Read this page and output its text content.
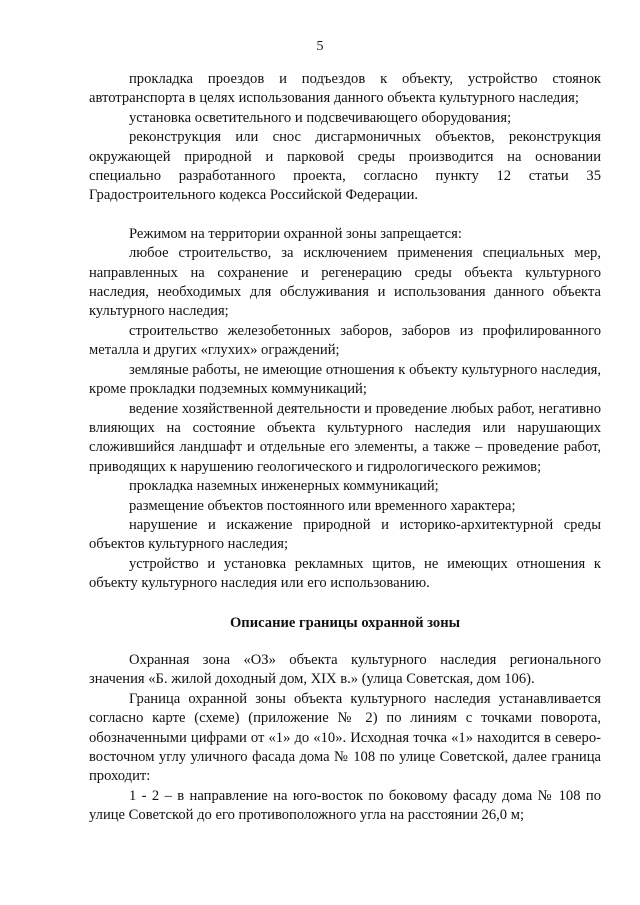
5

прокладка проездов и подъездов к объекту, устройство стоянок автотранспорта в целях использования данного объекта культурного наследия;

установка осветительного и подсвечивающего оборудования;

реконструкция или снос дисгармоничных объектов, реконструкция окружающей природной и парковой среды производится на основании специально разработанного проекта, согласно пункту 12 статьи 35 Градостроительного кодекса Российской Федерации.

Режимом на территории охранной зоны запрещается:

любое строительство, за исключением применения специальных мер, направленных на сохранение и регенерацию среды объекта культурного наследия, необходимых для обслуживания и использования данного объекта культурного наследия;

строительство железобетонных заборов, заборов из профилированного металла и других «глухих» ограждений;

земляные работы, не имеющие отношения к объекту культурного наследия, кроме прокладки подземных коммуникаций;

ведение хозяйственной деятельности и проведение любых работ, негативно влияющих на состояние объекта культурного наследия или нарушающих сложившийся ландшафт и отдельные его элементы, а также – проведение работ, приводящих к нарушению геологического и гидрологического режимов;

прокладка наземных инженерных коммуникаций;

размещение объектов постоянного или временного характера;

нарушение и искажение природной и историко-архитектурной среды объектов культурного наследия;

устройство и установка рекламных щитов, не имеющих отношения к объекту культурного наследия или его использованию.

Описание границы охранной зоны

Охранная зона «ОЗ» объекта культурного наследия регионального значения «Б. жилой доходный дом, XIX в.» (улица Советская, дом 106).

Граница охранной зоны объекта культурного наследия устанавливается согласно карте (схеме) (приложение № 2) по линиям с точками поворота, обозначенными цифрами от «1» до «10». Исходная точка «1» находится в северо-восточном углу уличного фасада дома № 108 по улице Советской, далее граница проходит:

1 - 2 – в направление на юго-восток по боковому фасаду дома № 108 по улице Советской до его противоположного угла на расстоянии 26,0 м;
